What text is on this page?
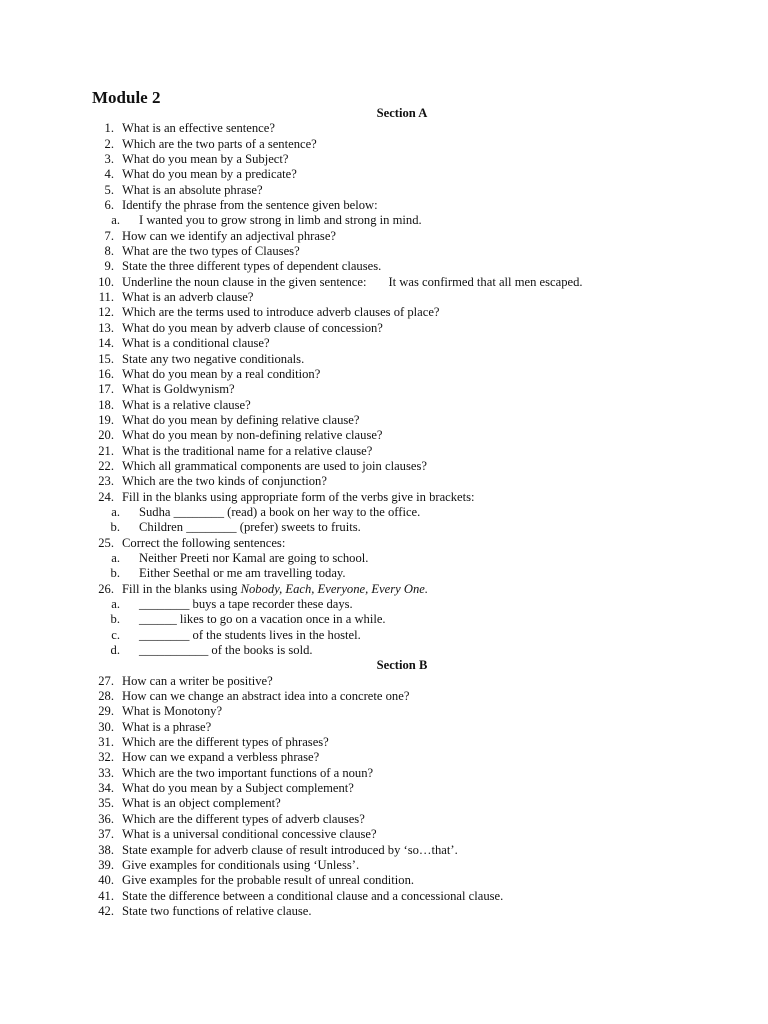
Module 2
Section A
1. What is an effective sentence?
2. Which are the two parts of a sentence?
3. What do you mean by a Subject?
4. What do you mean by a predicate?
5. What is an absolute phrase?
6. Identify the phrase from the sentence given below:
a. I wanted you to grow strong in limb and strong in mind.
7. How can we identify an adjectival phrase?
8. What are the two types of Clauses?
9. State the three different types of dependent clauses.
10. Underline the noun clause in the given sentence: It was confirmed that all men escaped.
11. What is an adverb clause?
12. Which are the terms used to introduce adverb clauses of place?
13. What do you mean by adverb clause of concession?
14. What is a conditional clause?
15. State any two negative conditionals.
16. What do you mean by a real condition?
17. What is Goldwynism?
18. What is a relative clause?
19. What do you mean by defining relative clause?
20. What do you mean by non-defining relative clause?
21. What is the traditional name for a relative clause?
22. Which all grammatical components are used to join clauses?
23. Which are the two kinds of conjunction?
24. Fill in the blanks using appropriate form of the verbs give in brackets:
a. Sudha ________ (read) a book on her way to the office.
b. Children ________ (prefer) sweets to fruits.
25. Correct the following sentences:
a. Neither Preeti nor Kamal are going to school.
b. Either Seethal or me am travelling today.
26. Fill in the blanks using Nobody, Each, Everyone, Every One.
a. ________ buys a tape recorder these days.
b. ______ likes to go on a vacation once in a while.
c. ________ of the students lives in the hostel.
d. ___________ of the books is sold.
Section B
27. How can a writer be positive?
28. How can we change an abstract idea into a concrete one?
29. What is Monotony?
30. What is a phrase?
31. Which are the different types of phrases?
32. How can we expand a verbless phrase?
33. Which are the two important functions of a noun?
34. What do you mean by a Subject complement?
35. What is an object complement?
36. Which are the different types of adverb clauses?
37. What is a universal conditional concessive clause?
38. State example for adverb clause of result introduced by ‘so…that’.
39. Give examples for conditionals using ‘Unless’.
40. Give examples for the probable result of unreal condition.
41. State the difference between a conditional clause and a concessional clause.
42. State two functions of relative clause.
